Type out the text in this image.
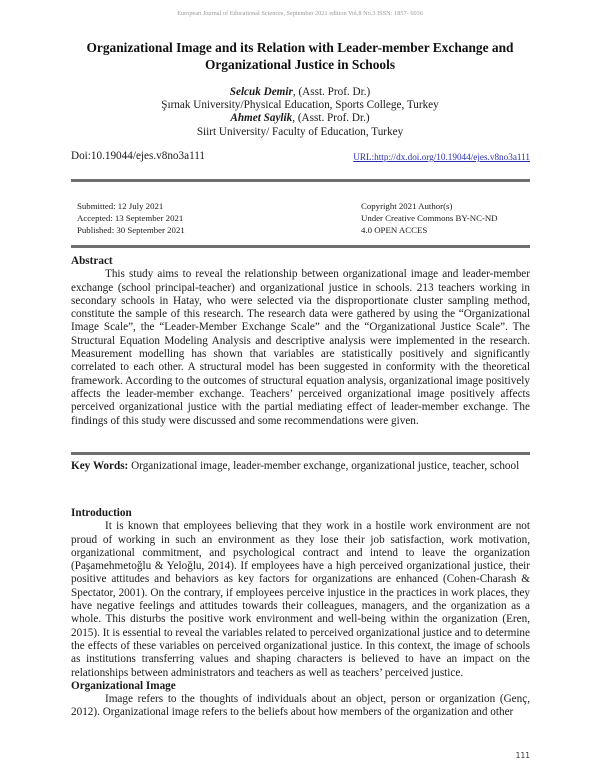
European Journal of Educational Sciences, September 2021 edition Vol.8 No.3 ISSN: 1857- 6036
Organizational Image and its Relation with Leader-member Exchange and Organizational Justice in Schools
Selcuk Demir, (Asst. Prof. Dr.)
Şırnak University/Physical Education, Sports College, Turkey
Ahmet Saylik, (Asst. Prof. Dr.)
Siirt University/ Faculty of Education, Turkey
Doi:10.19044/ejes.v8no3a111	URL:http://dx.doi.org/10.19044/ejes.v8no3a111
Submitted: 12 July 2021
Accepted: 13 September 2021
Published: 30 September 2021
Copyright 2021 Author(s)
Under Creative Commons BY-NC-ND
4.0 OPEN ACCES
Abstract

This study aims to reveal the relationship between organizational image and leader-member exchange (school principal-teacher) and organizational justice in schools. 213 teachers working in secondary schools in Hatay, who were selected via the disproportionate cluster sampling method, constitute the sample of this research. The research data were gathered by using the “Organizational Image Scale”, the “Leader-Member Exchange Scale” and the “Organizational Justice Scale”. The Structural Equation Modeling Analysis and descriptive analysis were implemented in the research. Measurement modelling has shown that variables are statistically positively and significantly correlated to each other. A structural model has been suggested in conformity with the theoretical framework. According to the outcomes of structural equation analysis, organizational image positively affects the leader-member exchange. Teachers’ perceived organizational image positively affects perceived organizational justice with the partial mediating effect of leader-member exchange. The findings of this study were discussed and some recommendations were given.

Key Words: Organizational image, leader-member exchange, organizational justice, teacher, school
Introduction

It is known that employees believing that they work in a hostile work environment are not proud of working in such an environment as they lose their job satisfaction, work motivation, organizational commitment, and psychological contract and intend to leave the organization (Paşamehmetoğlu & Yeloğlu, 2014). If employees have a high perceived organizational justice, their positive attitudes and behaviors as key factors for organizations are enhanced (Cohen-Charash & Spectator, 2001). On the contrary, if employees perceive injustice in the practices in work places, they have negative feelings and attitudes towards their colleagues, managers, and the organization as a whole. This disturbs the positive work environment and well-being within the organization (Eren, 2015). It is essential to reveal the variables related to perceived organizational justice and to determine the effects of these variables on perceived organizational justice. In this context, the image of schools as institutions transferring values and shaping characters is believed to have an impact on the relationships between administrators and teachers as well as teachers’ perceived justice.

Organizational Image

Image refers to the thoughts of individuals about an object, person or organization (Genç, 2012). Organizational image refers to the beliefs about how members of the organization and other

111
